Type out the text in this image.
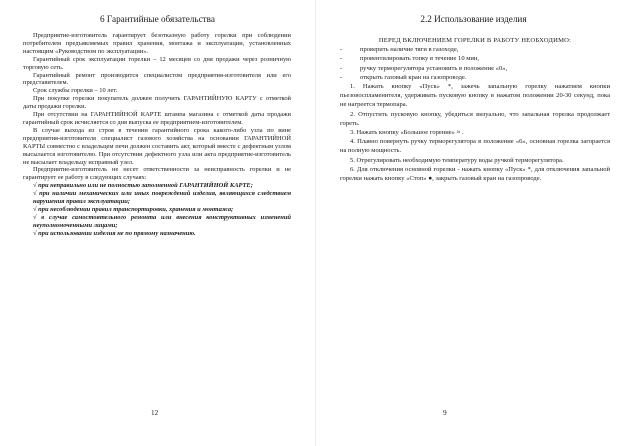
6 Гарантийные обязательства

Предприятие-изготовитель гарантирует безотказную работу горелки при соблюдении потребителем предъявляемых правил хранения, монтажа и эксплуатации, установленных настоящим «Руководством по эксплуатации».

Гарантийный срок эксплуатации горелки – 12 месяцев со дня продажи через розничную торговую сеть.

Гарантийный ремонт производится специалистом предприятия-изготовителя или его представителем.

Срок службы горелки – 10 лет.

При покупке горелки покупатель должен получить ГАРАНТИЙНУЮ КАРТУ с отметкой даты продажи горелки.

При отсутствии на ГАРАНТИЙНОЙ КАРТЕ штампа магазина с отметкой даты продажи гарантийный срок исчисляется со дня выпуска ее предприятием-изготовителем.

В случае выхода из строя в течении гарантийного срока какого-либо узла по вине предприятия-изготовителя специалист газового хозяйства на основании ГАРАНТИЙНОЙ КАРТЫ совместно с владельцем печи должен составить акт, который вместе с дефектным узлом высылается изготовителю. При отсутствии дефектного узла или акта предприятие-изготовитель не высылает владельцу исправный узел.

Предприятие-изготовитель не несет ответственности за неисправность горелки и не гарантирует ее работу в следующих случаях:

√ при неправильно или не полностью заполненной ГАРАНТИЙНОЙ КАРТЕ;

√ при наличии механических или иных повреждений изделия, являющихся следствием нарушения правил эксплуатации;

√ при несоблюдении правил транспортировки, хранения и монтажа;

√ в случае самостоятельного ремонта или внесения конструктивных изменений неуполномоченными лицами;

√ при использовании изделия не по прямому назначению.

12
2.2 Использование изделия
ПЕРЕД ВКЛЮЧЕНИЕМ ГОРЕЛКИ В РАБОТУ НЕОБХОДИМО:
-	проверить наличие тяги в газоходе,
-	провентилировать топку в течение 10 мин,
-	ручку терморегулятора установить в положение «0»,
-	открыть газовый кран на газопроводе.

1. Нажать кнопку «Пуск» *, зажечь запальную горелку нажатием кнопки пьезовоспламенителя, удерживать пусковую кнопку в нажатом положении 20-30 секунд, пока не нагреется термопара.

2. Отпустить пусковую кнопку, убедиться визуально, что запальная горелка продолжает гореть.

3. Нажать кнопку «Большое горение» ≈ .

4. Плавно повернуть ручку терморегулятора в положение «6», основная горелка загорается на полную мощность.

5. Отрегулировать необходимую температуру воды ручкой терморегулятора.

6. Для отключения основной горелки - нажать кнопку «Пуск» *, для отключения запальной горелки нажать кнопку «Стоп» ●, закрыть газовый кран на газопроводе.

9
